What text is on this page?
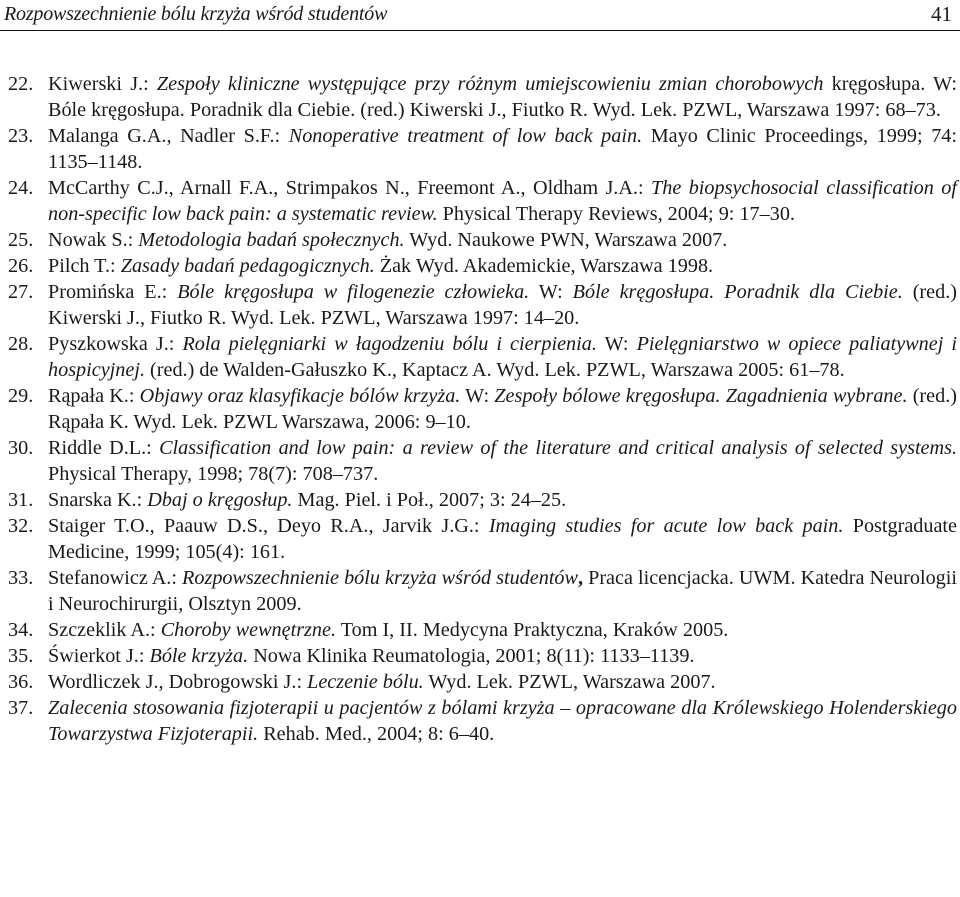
Rozpowszechnienie bólu krzyża wśród studentów	41
22. Kiwerski J.: Zespoły kliniczne występujące przy różnym umiejscowieniu zmian chorobowych kręgosłupa. W: Bóle kręgosłupa. Poradnik dla Ciebie. (red.) Kiwerski J., Fiutko R. Wyd. Lek. PZWL, Warszawa 1997: 68–73.
23. Malanga G.A., Nadler S.F.: Nonoperative treatment of low back pain. Mayo Clinic Proceedings, 1999; 74: 1135–1148.
24. McCarthy C.J., Arnall F.A., Strimpakos N., Freemont A., Oldham J.A.: The biopsychosocial classification of non-specific low back pain: a systematic review. Physical Therapy Reviews, 2004; 9: 17–30.
25. Nowak S.: Metodologia badań społecznych. Wyd. Naukowe PWN, Warszawa 2007.
26. Pilch T.: Zasady badań pedagogicznych. Żak Wyd. Akademickie, Warszawa 1998.
27. Promińska E.: Bóle kręgosłupa w filogenezie człowieka. W: Bóle kręgosłupa. Poradnik dla Ciebie. (red.) Kiwerski J., Fiutko R. Wyd. Lek. PZWL, Warszawa 1997: 14–20.
28. Pyszkowska J.: Rola pielęgniarki w łagodzeniu bólu i cierpienia. W: Pielęgniarstwo w opiece paliatywnej i hospicyjnej. (red.) de Walden-Gałuszko K., Kaptacz A. Wyd. Lek. PZWL, Warszawa 2005: 61–78.
29. Rąpała K.: Objawy oraz klasyfikacje bólów krzyża. W: Zespoły bólowe kręgosłupa. Zagadnienia wybrane. (red.) Rąpała K. Wyd. Lek. PZWL Warszawa, 2006: 9–10.
30. Riddle D.L.: Classification and low pain: a review of the literature and critical analysis of selected systems. Physical Therapy, 1998; 78(7): 708–737.
31. Snarska K.: Dbaj o kręgosłup. Mag. Piel. i Poł., 2007; 3: 24–25.
32. Staiger T.O., Paauw D.S., Deyo R.A., Jarvik J.G.: Imaging studies for acute low back pain. Postgraduate Medicine, 1999; 105(4): 161.
33. Stefanowicz A.: Rozpowszechnienie bólu krzyża wśród studentów, Praca licencjacka. UWM. Katedra Neurologii i Neurochirurgii, Olsztyn 2009.
34. Szczeklik A.: Choroby wewnętrzne. Tom I, II. Medycyna Praktyczna, Kraków 2005.
35. Świerkot J.: Bóle krzyża. Nowa Klinika Reumatologia, 2001; 8(11): 1133–1139.
36. Wordliczek J., Dobrogowski J.: Leczenie bólu. Wyd. Lek. PZWL, Warszawa 2007.
37. Zalecenia stosowania fizjoterapii u pacjentów z bólami krzyża – opracowane dla Królewskiego Holenderskiego Towarzystwa Fizjoterapii. Rehab. Med., 2004; 8: 6–40.
